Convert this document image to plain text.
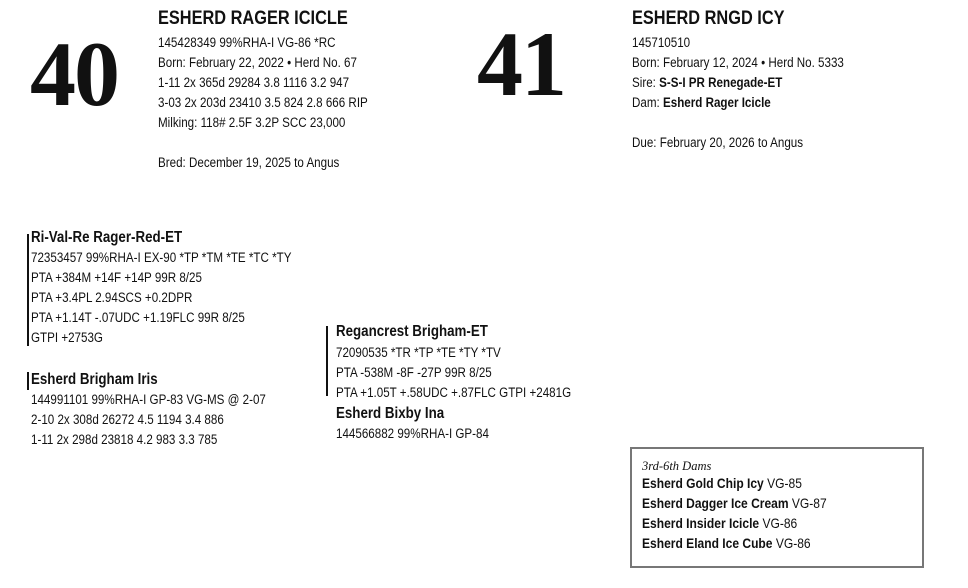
40
ESHERD RAGER ICICLE
145428349 99%RHA-I VG-86 *RC
Born: February 22, 2022 • Herd No. 67
1-11 2x 365d 29284 3.8 1116 3.2 947
3-03 2x 203d 23410 3.5 824 2.8 666 RIP
Milking: 118# 2.5F 3.2P SCC 23,000
Bred: December 19, 2025 to Angus
41	ESHERD RNGD ICY
145710510
Born: February 12, 2024 • Herd No. 5333
Sire: S-S-I PR Renegade-ET
Dam: Esherd Rager Icicle
Due: February 20, 2026 to Angus
Ri-Val-Re Rager-Red-ET
72353457 99%RHA-I EX-90 *TP *TM *TE *TC *TY
PTA +384M +14F +14P 99R 8/25
PTA +3.4PL 2.94SCS +0.2DPR
PTA +1.14T -.07UDC +1.19FLC 99R 8/25
GTPI +2753G
Esherd Brigham Iris
144991101 99%RHA-I GP-83 VG-MS @ 2-07
2-10 2x 308d 26272 4.5 1194 3.4 886
1-11 2x 298d 23818 4.2 983 3.3 785
Regancrest Brigham-ET
72090535 *TR *TP *TE *TY *TV
PTA -538M -8F -27P 99R 8/25
PTA +1.05T +.58UDC +.87FLC GTPI +2481G
Esherd Bixby Ina
144566882 99%RHA-I GP-84
3rd-6th Dams
Esherd Gold Chip Icy VG-85
Esherd Dagger Ice Cream VG-87
Esherd Insider Icicle VG-86
Esherd Eland Ice Cube VG-86
